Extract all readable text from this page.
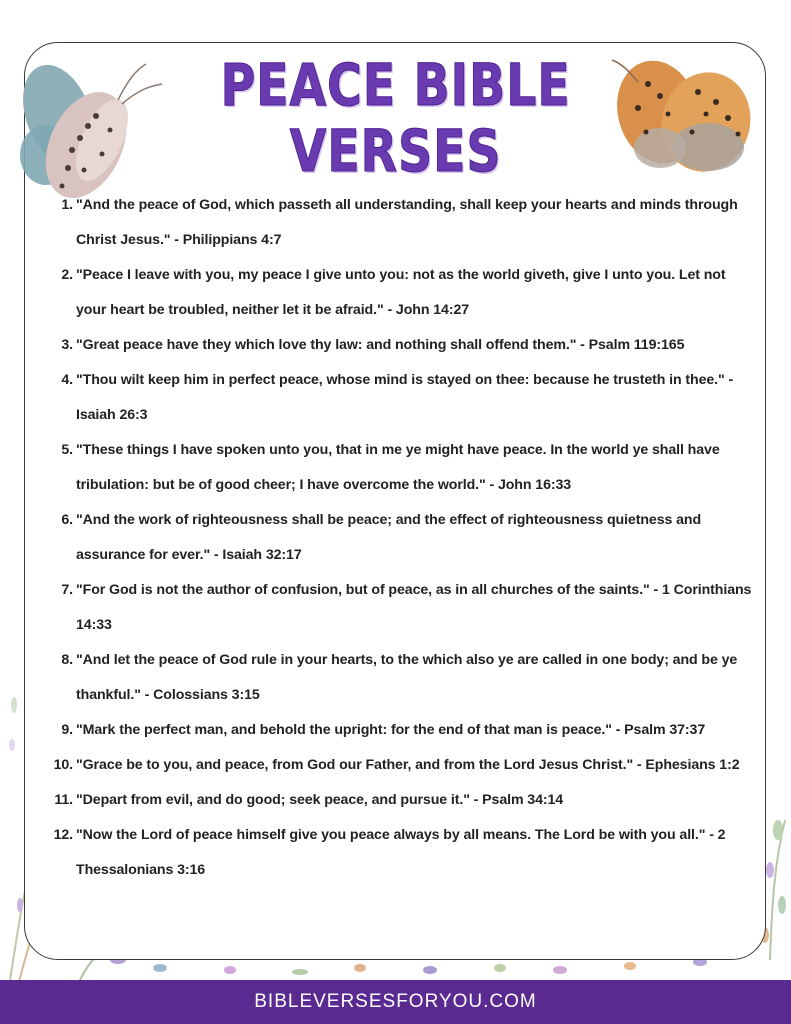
PEACE BIBLE
VERSES
1. "And the peace of God, which passeth all understanding, shall keep your hearts and minds through Christ Jesus." - Philippians 4:7
2. "Peace I leave with you, my peace I give unto you: not as the world giveth, give I unto you. Let not your heart be troubled, neither let it be afraid." - John 14:27
3. "Great peace have they which love thy law: and nothing shall offend them." - Psalm 119:165
4. "Thou wilt keep him in perfect peace, whose mind is stayed on thee: because he trusteth in thee." - Isaiah 26:3
5. "These things I have spoken unto you, that in me ye might have peace. In the world ye shall have tribulation: but be of good cheer; I have overcome the world." - John 16:33
6. "And the work of righteousness shall be peace; and the effect of righteousness quietness and assurance for ever." - Isaiah 32:17
7. "For God is not the author of confusion, but of peace, as in all churches of the saints." - 1 Corinthians 14:33
8. "And let the peace of God rule in your hearts, to the which also ye are called in one body; and be ye thankful." - Colossians 3:15
9. "Mark the perfect man, and behold the upright: for the end of that man is peace." - Psalm 37:37
10. "Grace be to you, and peace, from God our Father, and from the Lord Jesus Christ." - Ephesians 1:2
11. "Depart from evil, and do good; seek peace, and pursue it." - Psalm 34:14
12. "Now the Lord of peace himself give you peace always by all means. The Lord be with you all." - 2 Thessalonians 3:16
BIBLEVERSESFORYOU.COM
